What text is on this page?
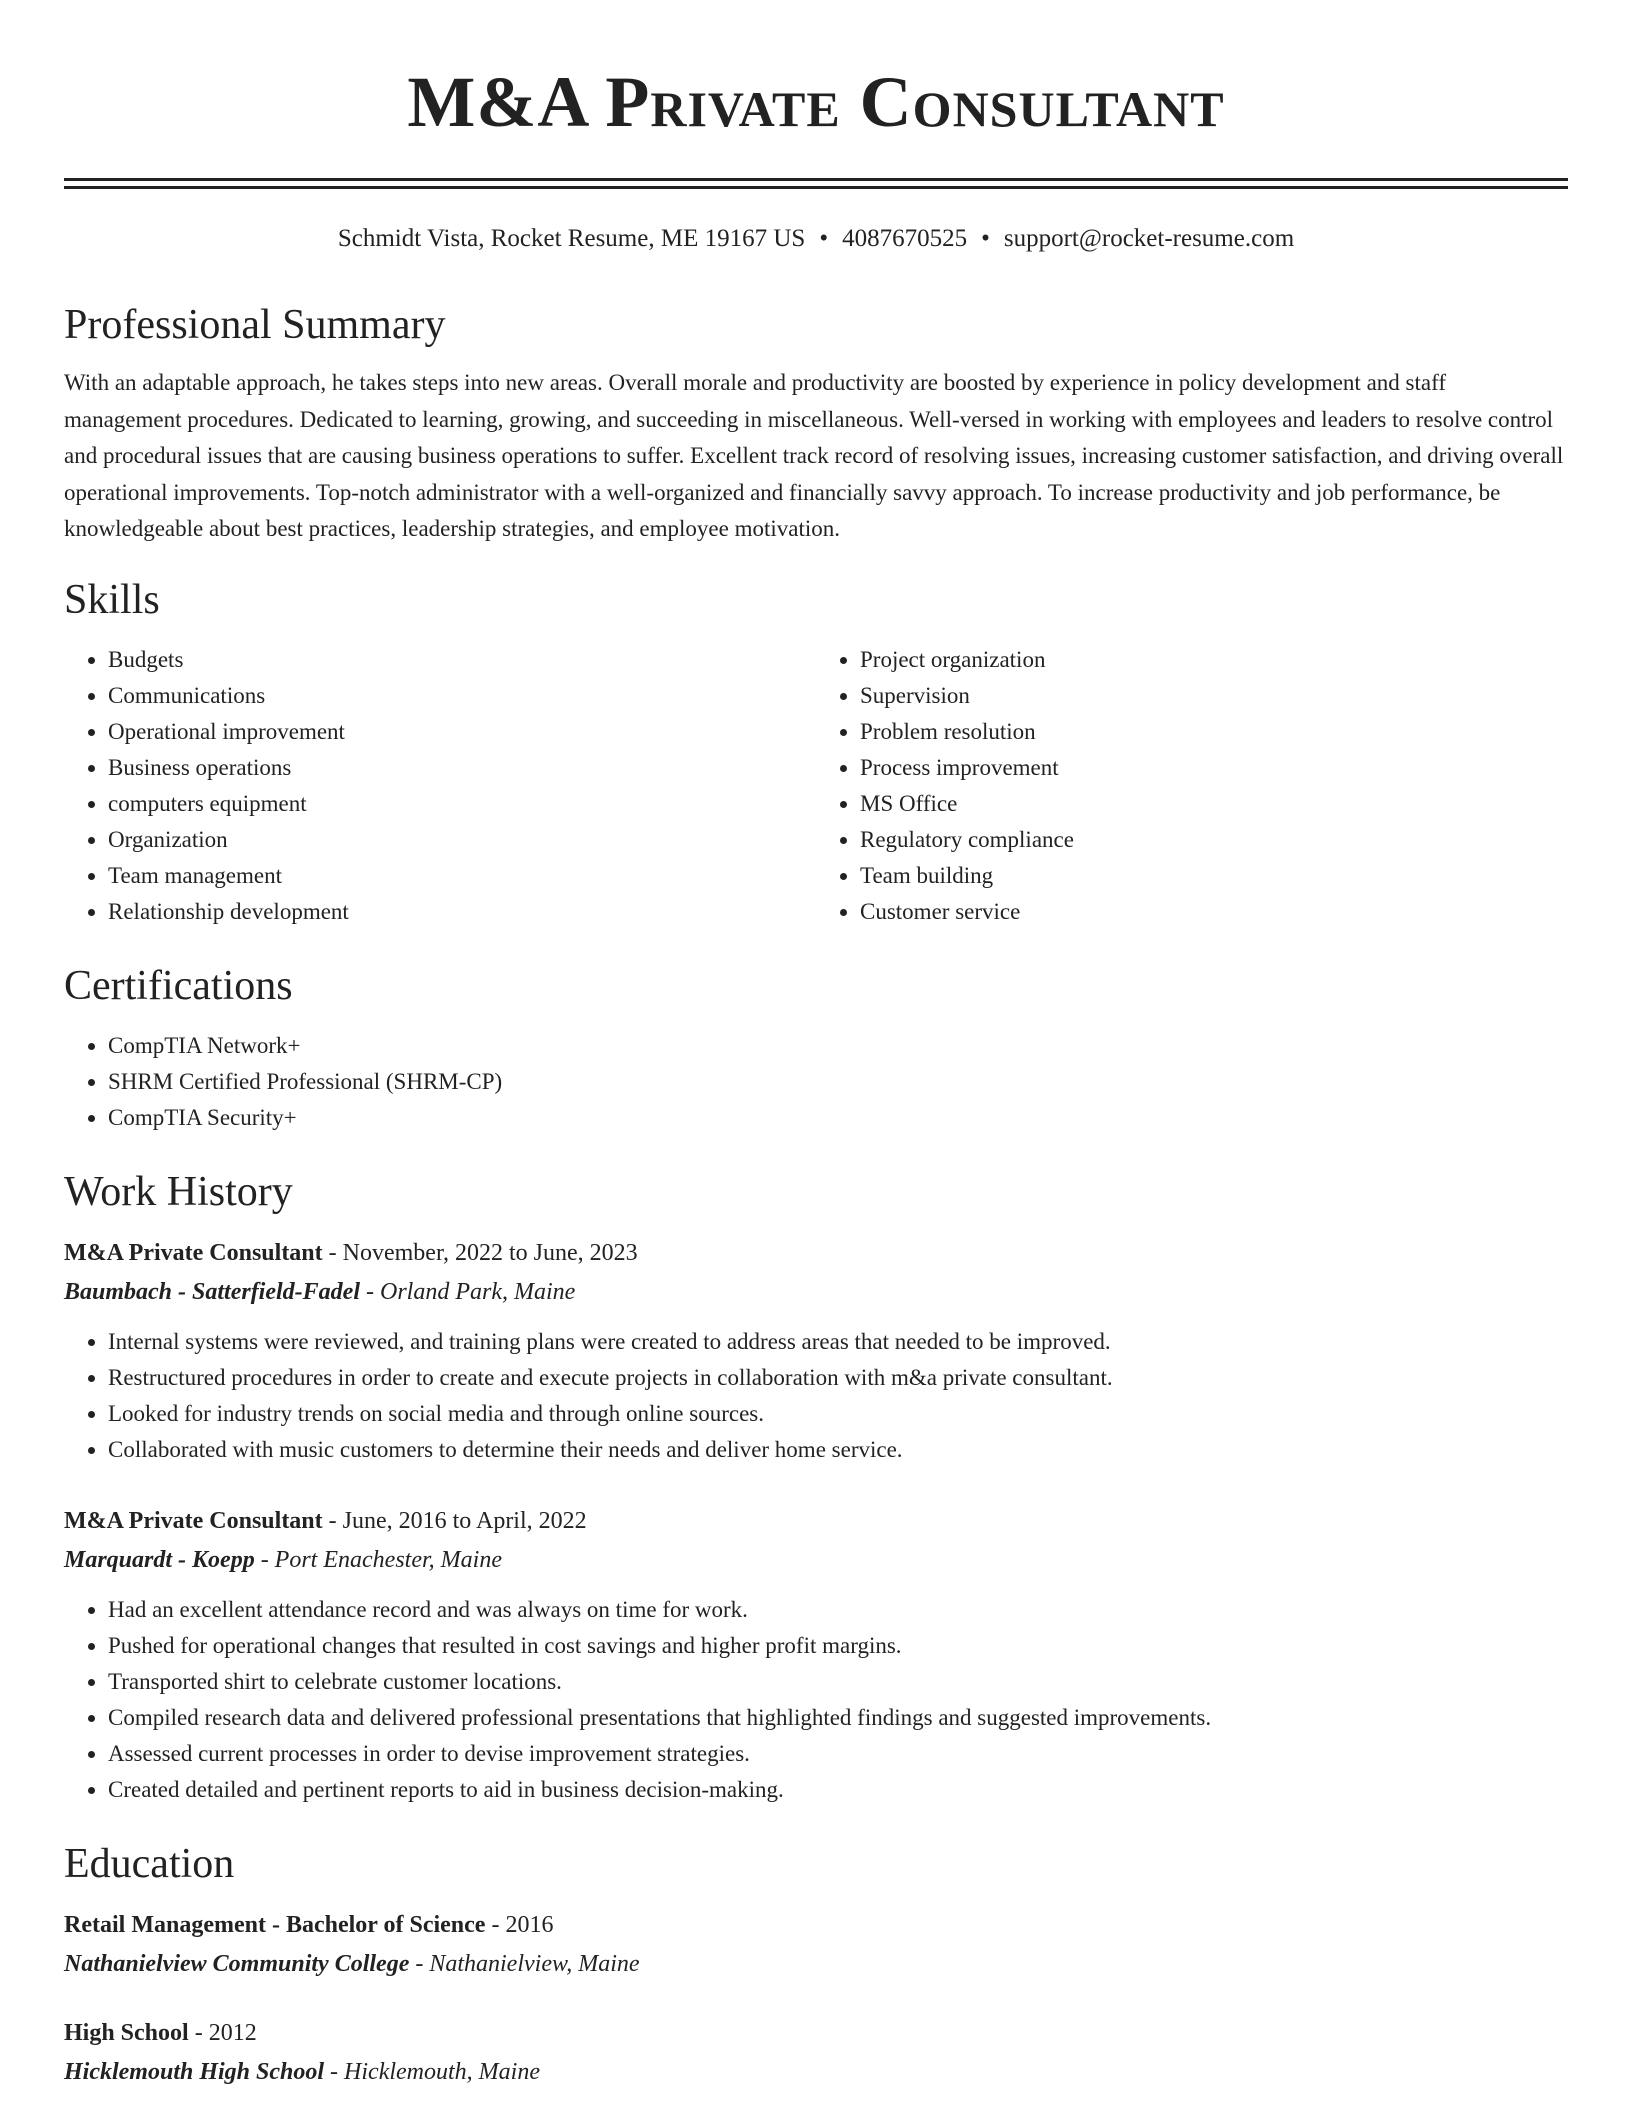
M&A Private Consultant
Schmidt Vista, Rocket Resume, ME 19167 US • 4087670525 • support@rocket-resume.com
Professional Summary

With an adaptable approach, he takes steps into new areas. Overall morale and productivity are boosted by experience in policy development and staff management procedures. Dedicated to learning, growing, and succeeding in miscellaneous. Well-versed in working with employees and leaders to resolve control and procedural issues that are causing business operations to suffer. Excellent track record of resolving issues, increasing customer satisfaction, and driving overall operational improvements. Top-notch administrator with a well-organized and financially savvy approach. To increase productivity and job performance, be knowledgeable about best practices, leadership strategies, and employee motivation.

Skills
• Budgets
• Communications
• Operational improvement
• Business operations
• computers equipment
• Organization
• Team management
• Relationship development
• Project organization
• Supervision
• Problem resolution
• Process improvement
• MS Office
• Regulatory compliance
• Team building
• Customer service
Certifications
• CompTIA Network+
• SHRM Certified Professional (SHRM-CP)
• CompTIA Security+
Work History
M&A Private Consultant - November, 2022 to June, 2023
Baumbach - Satterfield-Fadel - Orland Park, Maine
• Internal systems were reviewed, and training plans were created to address areas that needed to be improved.
• Restructured procedures in order to create and execute projects in collaboration with m&a private consultant.
• Looked for industry trends on social media and through online sources.
• Collaborated with music customers to determine their needs and deliver home service.
M&A Private Consultant - June, 2016 to April, 2022
Marquardt - Koepp - Port Enachester, Maine
• Had an excellent attendance record and was always on time for work.
• Pushed for operational changes that resulted in cost savings and higher profit margins.
• Transported shirt to celebrate customer locations.
• Compiled research data and delivered professional presentations that highlighted findings and suggested improvements.
• Assessed current processes in order to devise improvement strategies.
• Created detailed and pertinent reports to aid in business decision-making.
Education
Retail Management - Bachelor of Science - 2016
Nathanielview Community College - Nathanielview, Maine
High School - 2012
Hicklemouth High School - Hicklemouth, Maine
